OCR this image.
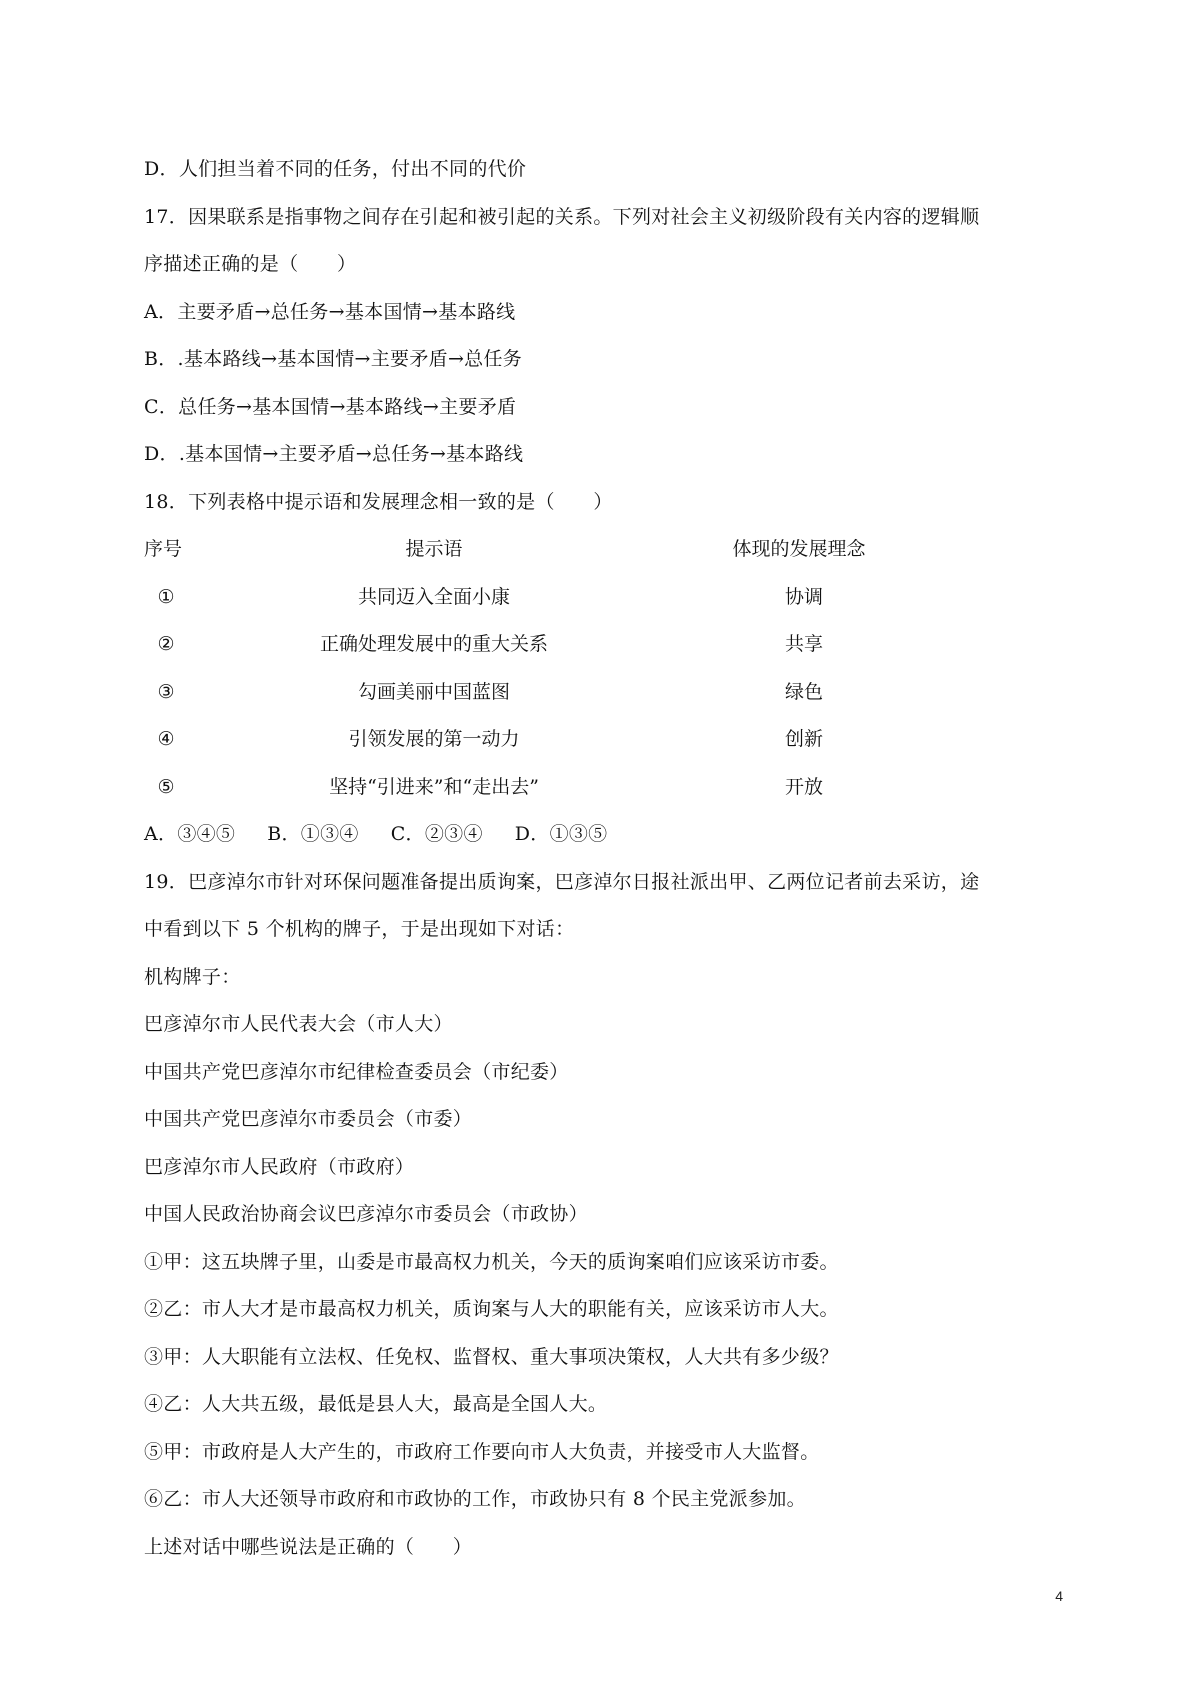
D．人们担当着不同的任务，付出不同的代价
17．因果联系是指事物之间存在引起和被引起的关系。下列对社会主义初级阶段有关内容的逻辑顺
序描述正确的是（　　）
A．主要矛盾→总任务→基本国情→基本路线
B．.基本路线→基本国情→主要矛盾→总任务
C．总任务→基本国情→基本路线→主要矛盾
D．.基本国情→主要矛盾→总任务→基本路线
18．下列表格中提示语和发展理念相一致的是（　　）
序号	提示语	体现的发展理念
①	共同迈入全面小康	协调
②	正确处理发展中的重大关系	共享
③	勾画美丽中国蓝图	绿色
④	引领发展的第一动力	创新
⑤	坚持“引进来”和“走出去”	开放
A．③④⑤ B．①③④ C．②③④ D．①③⑤
19．巴彦淖尔市针对环保问题准备提出质询案，巴彦淖尔日报社派出甲、乙两位记者前去采访，途
中看到以下 5 个机构的牌子，于是出现如下对话：
机构牌子：
巴彦淖尔市人民代表大会（市人大）
中国共产党巴彦淖尔市纪律检查委员会（市纪委）
中国共产党巴彦淖尔市委员会（市委）
巴彦淖尔市人民政府（市政府）
中国人民政治协商会议巴彦淖尔市委员会（市政协）
①甲：这五块牌子里，山委是市最高权力机关，今天的质询案咱们应该采访市委。
②乙：市人大才是市最高权力机关，质询案与人大的职能有关，应该采访市人大。
③甲：人大职能有立法权、任免权、监督权、重大事项决策权，人大共有多少级？
④乙：人大共五级，最低是县人大，最高是全国人大。
⑤甲：市政府是人大产生的，市政府工作要向市人大负责，并接受市人大监督。
⑥乙：市人大还领导市政府和市政协的工作，市政协只有 8 个民主党派参加。
上述对话中哪些说法是正确的（　　）
4
